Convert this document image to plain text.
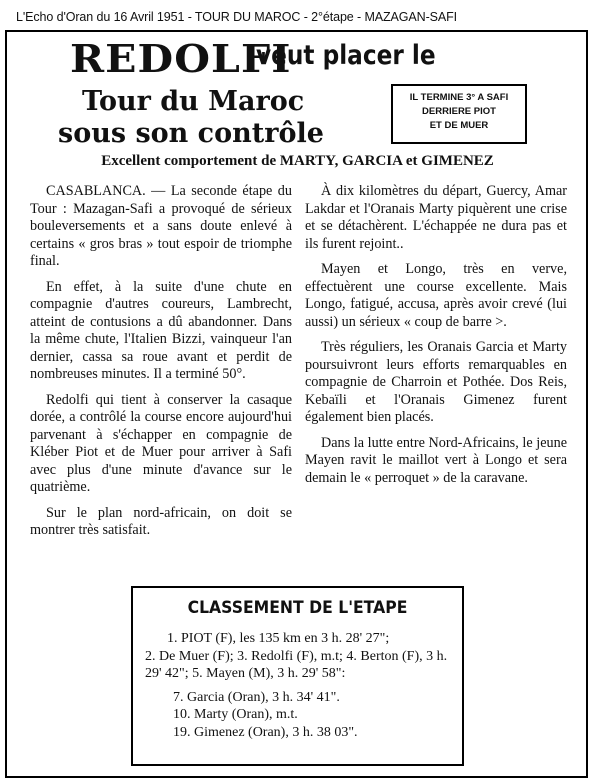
L'Echo d'Oran du 16 Avril 1951 - TOUR DU MAROC - 2°étape - MAZAGAN-SAFI
REDOLFI
veut placer le
Tour du Maroc
sous son contrôle
IL TERMINE 3° A SAFI
DERRIERE PIOT
ET DE MUER
Excellent comportement de MARTY, GARCIA et GIMENEZ

CASABLANCA. — La seconde étape du Tour : Mazagan-Safi a provoqué de sérieux bouleversements et a sans doute enlevé à certains « gros bras » tout espoir de triomphe final.

En effet, à la suite d'une chute en compagnie d'autres coureurs, Lambrecht, atteint de contusions a dû abandonner. Dans la même chute, l'Italien Bizzi, vainqueur l'an dernier, cassa sa roue avant et perdit de nombreuses minutes. Il a terminé 50°.

Redolfi qui tient à conserver la casaque dorée, a contrôlé la course encore aujourd'hui parvenant à s'échapper en compagnie de Kléber Piot et de Muer pour arriver à Safi avec plus d'une minute d'avance sur le quatrième.

Sur le plan nord-africain, on doit se montrer très satisfait.

À dix kilomètres du départ, Guercy, Amar Lakdar et l'Oranais Marty piquèrent une crise et se détachèrent. L'échappée ne dura pas et ils furent rejoint..

Mayen et Longo, très en verve, effectuèrent une course excellente. Mais Longo, fatigué, accusa, après avoir crevé (lui aussi) un sérieux « coup de barre >.

Très réguliers, les Oranais Garcia et Marty poursuivront leurs efforts remarquables en compagnie de Charroin et Pothée. Dos Reis, Kebaïli et l'Oranais Gimenez furent également bien placés.

Dans la lutte entre Nord-Africains, le jeune Mayen ravit le maillot vert à Longo et sera demain le « perroquet » de la caravane.

CLASSEMENT DE L'ETAPE

1. PIOT (F), les 135 km en 3 h. 28' 27";

2. De Muer (F); 3. Redolfi (F), m.t; 4. Berton (F), 3 h. 29' 42"; 5. Mayen (M), 3 h. 29' 58":

7. Garcia (Oran), 3 h. 34' 41".

10. Marty (Oran), m.t.

19. Gimenez (Oran), 3 h. 38 03".
